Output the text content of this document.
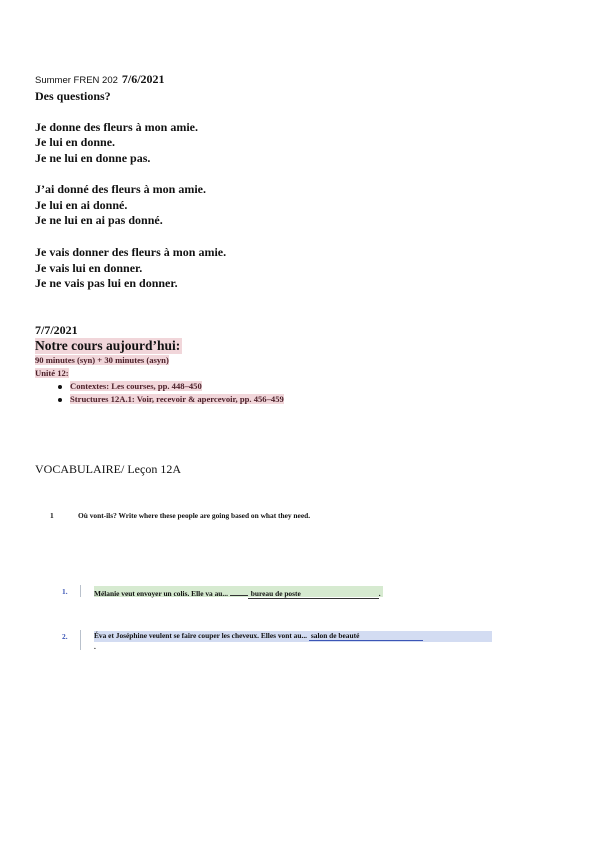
Summer FREN 202 7/6/2021
Des questions?
Je donne des fleurs à mon amie.
Je lui en donne.
Je ne lui en donne pas.
J’ai donné des fleurs à mon amie.
Je lui en ai donné.
Je ne lui en ai pas donné.
Je vais donner des fleurs à mon amie.
Je vais lui en donner.
Je ne vais pas lui en donner.
7/7/2021
Notre cours aujourd’hui:
90 minutes (syn) + 30 minutes (asyn)
Unité 12:
Contextes: Les courses, pp. 448–450
Structures 12A.1: Voir, recevoir & apercevoir, pp. 456–459
VOCABULAIRE/ Leçon 12A
1	Où vont-ils? Write where these people are going based on what they need.
1.	Mélanie veut envoyer un colis. Elle va au...	bureau de poste	.
2.	Éva et Joséphine veulent se faire couper les cheveux. Elles vont au... salon de beauté
.
